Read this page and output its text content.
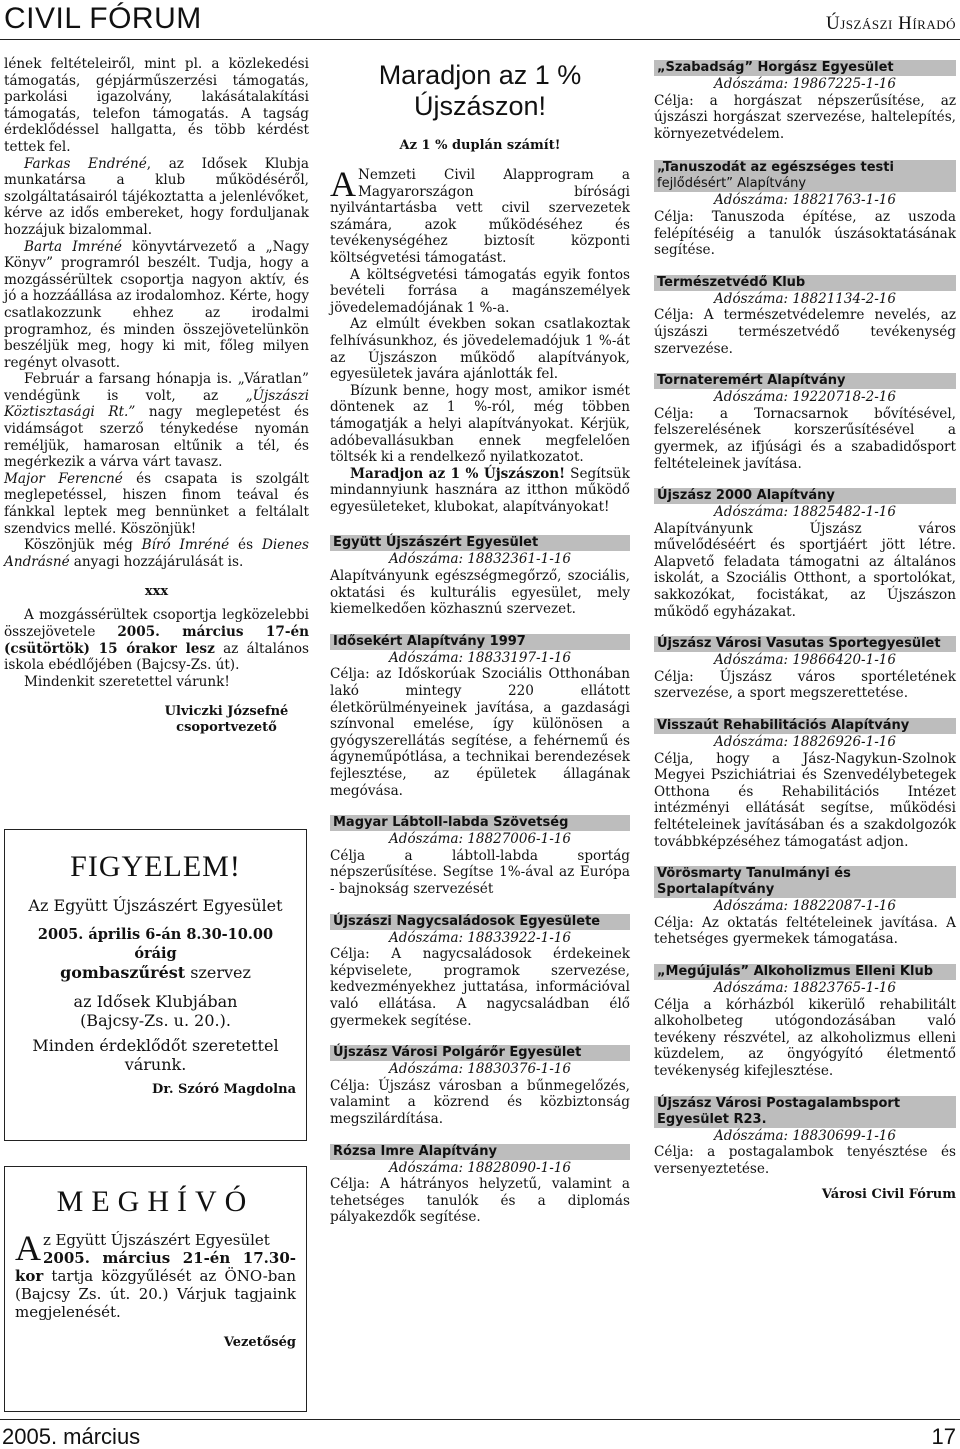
CIVIL FÓRUM	Újszászi Híradó

lének feltételeiről, mint pl. a közlekedési támogatás, gépjárműszerzési támogatás, parkolási igazolvány, lakásátalakítási támogatás, telefon támogatás. A tagság érdeklődéssel hallgatta, és több kérdést tettek fel.

Farkas Endréné, az Idősek Klubja munkatársa a klub működéséről, szolgáltatásairól tájékoztatta a jelenlévőket, kérve az idős embereket, hogy forduljanak hozzájuk bizalommal.

Barta Imréné könyvtárvezető a „Nagy Könyv” programról beszélt. Tudja, hogy a mozgássérültek csoportja nagyon aktív, és jó a hozzáállása az irodalomhoz. Kérte, hogy csatlakozzunk ehhez az irodalmi programhoz, és minden összejövetelünkön beszéljük meg, hogy ki mit, főleg milyen regényt olvasott.

Február a farsang hónapja is. „Váratlan” vendégünk is volt, az „Újszászi Köztisztasági Rt.” nagy meglepetést és vidámságot szerző ténykedése nyomán reméljük, hamarosan eltűnik a tél, és megérkezik a várva várt tavasz.

Major Ferencné és csapata is szolgált meglepetéssel, hiszen finom teával és fánkkal leptek meg bennünket a feltálalt szendvics mellé. Köszönjük!

Köszönjük még Bíró Imréné és Dienes Andrásné anyagi hozzájárulását is.

xxx

A mozgássérültek csoportja legközelebbi összejövetele 2005. március 17-én (csütörtök) 15 órakor lesz az általános iskola ebédlőjében (Bajcsy-Zs. út).

Mindenkit szeretettel várunk!

Ulviczki Józsefné
csoportvezető
FIGYELEM!
Az Együtt Újszászért Egyesület
2005. április 6-án 8.30-10.00 óráig
gombaszűrést szervez
az Idősek Klubjában
(Bajcsy-Zs. u. 20.).
Minden érdeklődőt szeretettel várunk.
Dr. Szóró Magdolna
MEGHÍVÓ

Az Együtt Újszászért Egyesület
2005. március 21-én 17.30-kor tartja közgyűlését az ÖNO-ban (Bajcsy Zs. út. 20.) Várjuk tagjaink megjelenését.

Vezetőség
Maradjon az 1 % Újszászon!
Az 1 % duplán számít!

A Nemzeti Civil Alapprogram a Magyarországon bírósági nyilvántartásba vett civil szervezetek számára, azok működéséhez és tevékenységéhez biztosít központi költségvetési támogatást.

A költségvetési támogatás egyik fontos bevételi forrása a magánszemélyek jövedelemadójának 1 %-a.

Az elmúlt években sokan csatlakoztak felhívásunkhoz, és jövedelemadójuk 1 %-át az Újszászon működő alapítványok, egyesületek javára ajánlották fel.

Bízunk benne, hogy most, amikor ismét döntenek az 1 %-ról, még többen támogatják a helyi alapítványokat. Kérjük, adóbevallásukban ennek megfelelően töltsék ki a rendelkező nyilatkozatot.

Maradjon az 1 % Újszászon! Segítsük mindannyiunk hasznára az itthon működő egyesületeket, klubokat, alapítványokat!

Együtt Újszászért Egyesület
Adószáma: 18832361-1-16
Alapítványunk egészségmegőrző, szociális, oktatási és kulturális egyesület, mely kiemelkedően közhasznú szervezet.
Idősekért Alapítvány 1997
Adószáma: 18833197-1-16
Célja: az Időskorúak Szociális Otthonában lakó mintegy 220 ellátott életkörülményeinek javítása, a gazdasági színvonal emelése, így különösen a gyógyszerellátás segítése, a fehérnemű és ágyneműpótlása, a technikai berendezések fejlesztése, az épületek állagának megóvása.
Magyar Lábtoll-labda Szövetség
Adószáma: 18827006-1-16
Célja a lábtoll-labda sportág népszerűsítése. Segítse 1%-ával az Európa - bajnokság szervezését
Újszászi Nagycsaládosok Egyesülete
Adószáma: 18833922-1-16
Célja: A nagycsaládosok érdekeinek képviselete, programok szervezése, kedvezményekhez juttatása, információval való ellátása. A nagycsaládban élő gyermekek segítése.
Újszász Városi Polgárőr Egyesület
Adószáma: 18830376-1-16
Célja: Újszász városban a bűnmegelőzés, valamint a közrend és közbiztonság megszilárdítása.
Rózsa Imre Alapítvány
Adószáma: 18828090-1-16
Célja: A hátrányos helyzetű, valamint a tehetséges tanulók és a diplomás pályakezdők segítése.
„Szabadság” Horgász Egyesület
Adószáma: 19867225-1-16
Célja: a horgászat népszerűsítése, az újszászi horgászat szervezése, haltelepítés, környezetvédelem.
„Tanuszodát az egészséges testi fejlődésért” Alapítvány
Adószáma: 18821763-1-16
Célja: Tanuszoda építése, az uszoda felépítéséig a tanulók úszásoktatásának segítése.
Természetvédő Klub
Adószáma: 18821134-2-16
Célja: A természetvédelemre nevelés, az újszászi természetvédő tevékenység szervezése.
Tornateremért Alapítvány
Adószáma: 19220718-2-16
Célja: a Tornacsarnok bővítésével, felszerelésének korszerűsítésével a gyermek, az ifjúsági és a szabadidősport feltételeinek javítása.
Újszász 2000 Alapítvány
Adószáma: 18825482-1-16
Alapítványunk Újszász város művelődéséért és sportjáért jött létre. Alapvető feladata támogatni az általános iskolát, a Szociális Otthont, a sportolókat, sakkozókat, focistákat, az Újszászon működő egyházakat.
Újszász Városi Vasutas Sportegyesület
Adószáma: 19866420-1-16
Célja: Újszász város sportéletének szervezése, a sport megszerettetése.
Visszaút Rehabilitációs Alapítvány
Adószáma: 18826926-1-16
Célja, hogy a Jász-Nagykun-Szolnok Megyei Pszichiátriai és Szenvedélybetegek Otthona és Rehabilitációs Intézet intézményi ellátását segítse, működési feltételeinek javításában és a szakdolgozók továbbképzéséhez támogatást adjon.
Vörösmarty Tanulmányi és Sportalapítvány
Adószáma: 18822087-1-16
Célja: Az oktatás feltételeinek javítása. A tehetséges gyermekek támogatása.
„Megújulás” Alkoholizmus Elleni Klub
Adószáma: 18823765-1-16
Célja a kórházból kikerülő rehabilitált alkoholbeteg utógondozásában való tevékeny részvétel, az alkoholizmus elleni küzdelem, az öngyógyító életmentő tevékenység kifejlesztése.
Újszász Városi Postagalambsport Egyesület R23.
Adószáma: 18830699-1-16
Célja: a postagalambok tenyésztése és versenyeztetése.
Városi Civil Fórum
2005. március	17
